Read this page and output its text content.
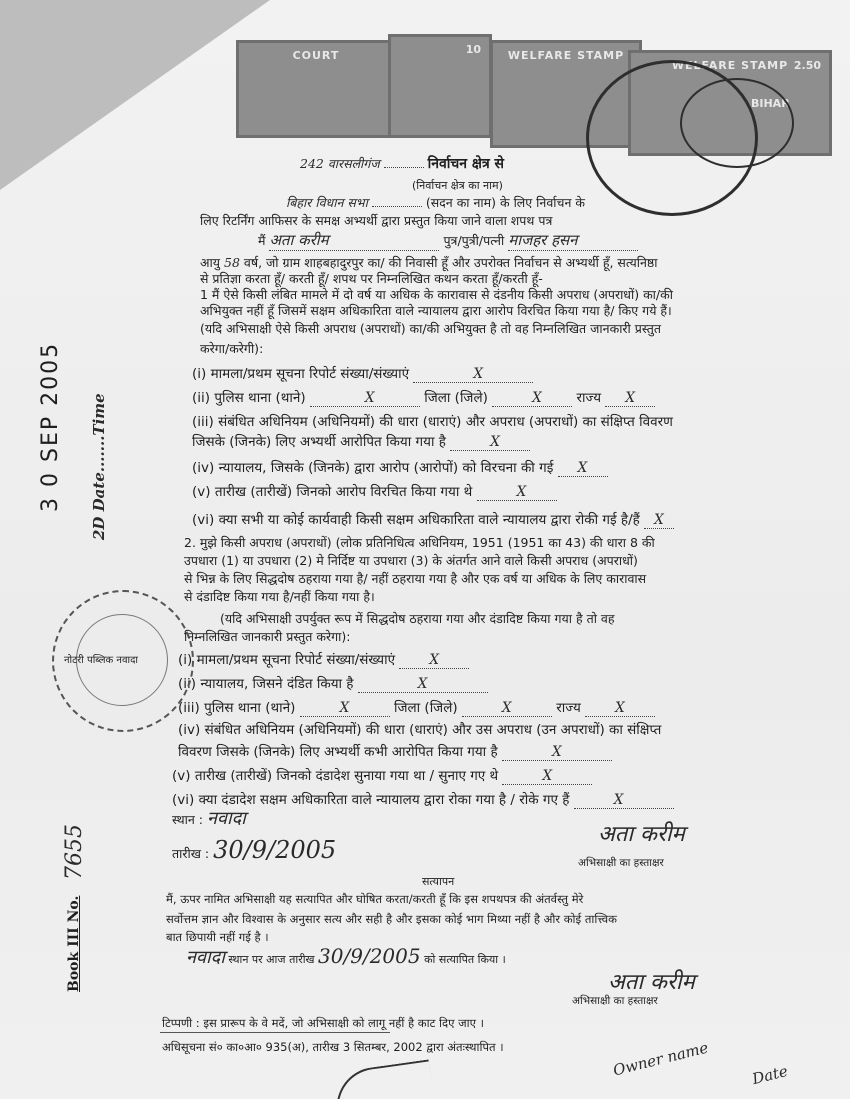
COURT	10	WELFARE STAMP
WELFARE STAMP 2.50
BIHAR
242 वारसलीगंज	निर्वाचन क्षेत्र से
(निर्वाचन क्षेत्र का नाम)
बिहार विधान सभा	(सदन का नाम) के लिए निर्वाचन के
लिए रिटर्निंग आफिसर के समक्ष अभ्यर्थी द्वारा प्रस्तुत किया जाने वाला शपथ पत्र
मैं अता करीम	पुत्र/पुत्री/पत्नी माजहर हसन
आयु 58 वर्ष, जो ग्राम शाहबहादुरपुर का/ की निवासी हूँ और उपरोक्त निर्वाचन से अभ्यर्थी हूँ, सत्यनिष्ठा
से प्रतिज्ञा करता हूँ/ करती हूँ/ शपथ पर निम्नलिखित कथन करता हूँ/करती हूँ-
1 मैं ऐसे किसी लंबित मामले में दो वर्ष या अधिक के कारावास से दंडनीय किसी अपराध (अपराधों) का/की
अभियुक्त नहीं हूँ जिसमें सक्षम अधिकारिता वाले न्यायालय द्वारा आरोप विरचित किया गया है/ किए गये हैं।
(यदि अभिसाक्षी ऐसे किसी अपराध (अपराधों) का/की अभियुक्त है तो वह निम्नलिखित जानकारी प्रस्तुत
करेगा/करेगी):
(i) मामला/प्रथम सूचना रिपोर्ट संख्या/संख्याएं	X
(ii) पुलिस थाना (थाने)	X	जिला (जिले)	X	राज्य X
(iii) संबंधित अधिनियम (अधिनियमों) की धारा (धाराएं) और अपराध (अपराधों) का संक्षिप्त विवरण
जिसके (जिनके) लिए अभ्यर्थी आरोपित किया गया है	X
(iv) न्यायालय, जिसके (जिनके) द्वारा आरोप (आरोपों) को विरचना की गई X
(v) तारीख (तारीखें) जिनको आरोप विरचित किया गया थे	X
(vi) क्या सभी या कोई कार्यवाही किसी सक्षम अधिकारिता वाले न्यायालय द्वारा रोकी गई है/हैं X
2. मुझे किसी अपराध (अपराधों) (लोक प्रतिनिधित्व अधिनियम, 1951 (1951 का 43) की धारा 8 की
उपधारा (1) या उपधारा (2) मे निर्दिष्ट या उपधारा (3) के अंतर्गत आने वाले किसी अपराध (अपराधों)
से भिन्न के लिए सिद्धदोष ठहराया गया है/ नहीं ठहराया गया है और एक वर्ष या अधिक के लिए कारावास
से दंडादिष्ट किया गया है/नहीं किया गया है।
(यदि अभिसाक्षी उपर्युक्त रूप में सिद्धदोष ठहराया गया और दंडादिष्ट किया गया है तो वह
निम्नलिखित जानकारी प्रस्तुत करेगा):
(i) मामला/प्रथम सूचना रिपोर्ट संख्या/संख्याएं	X
(ii) न्यायालय, जिसने दंडित किया है	X
(iii) पुलिस थाना (थाने)	X	जिला (जिले)	X	राज्य	X
(iv) संबंधित अधिनियम (अधिनियमों) की धारा (धाराएं) और उस अपराध (उन अपराधों) का संक्षिप्त
विवरण जिसके (जिनके) लिए अभ्यर्थी कभी आरोपित किया गया है	X
(v) तारीख (तारीखें) जिनको दंडादेश सुनाया गया था / सुनाए गए थे	X
(vi) क्या दंडादेश सक्षम अधिकारिता वाले न्यायालय द्वारा रोका गया है / रोके गए हैं	X
स्थान : नवादा
तारीख : 30/9/2005
अता करीम
अभिसाक्षी का हस्ताक्षर
सत्यापन
मैं, ऊपर नामित अभिसाक्षी यह सत्यापित और घोषित करता/करती हूँ कि इस शपथपत्र की अंतर्वस्तु मेरे
सर्वोत्तम ज्ञान और विश्वास के अनुसार सत्य और सही है और इसका कोई भाग मिथ्या नहीं है और कोई तात्त्विक
बात छिपायी नहीं गई है ।
नवादा स्थान पर आज तारीख 30/9/2005 को सत्यापित किया ।
अता करीम
अभिसाक्षी का हस्ताक्षर
टिप्पणी : इस प्रारूप के वे मदें, जो अभिसाक्षी को लागू नहीं है काट दिए जाए ।
अधिसूचना सं० का०आ० 935(अ), तारीख 3 सितम्बर, 2002 द्वारा अंतःस्थापित ।	Owner name	Date
3 0 SEP 2005 2D Date.......Time
Book III No.
7655
नोटरी पब्लिक नवादा
